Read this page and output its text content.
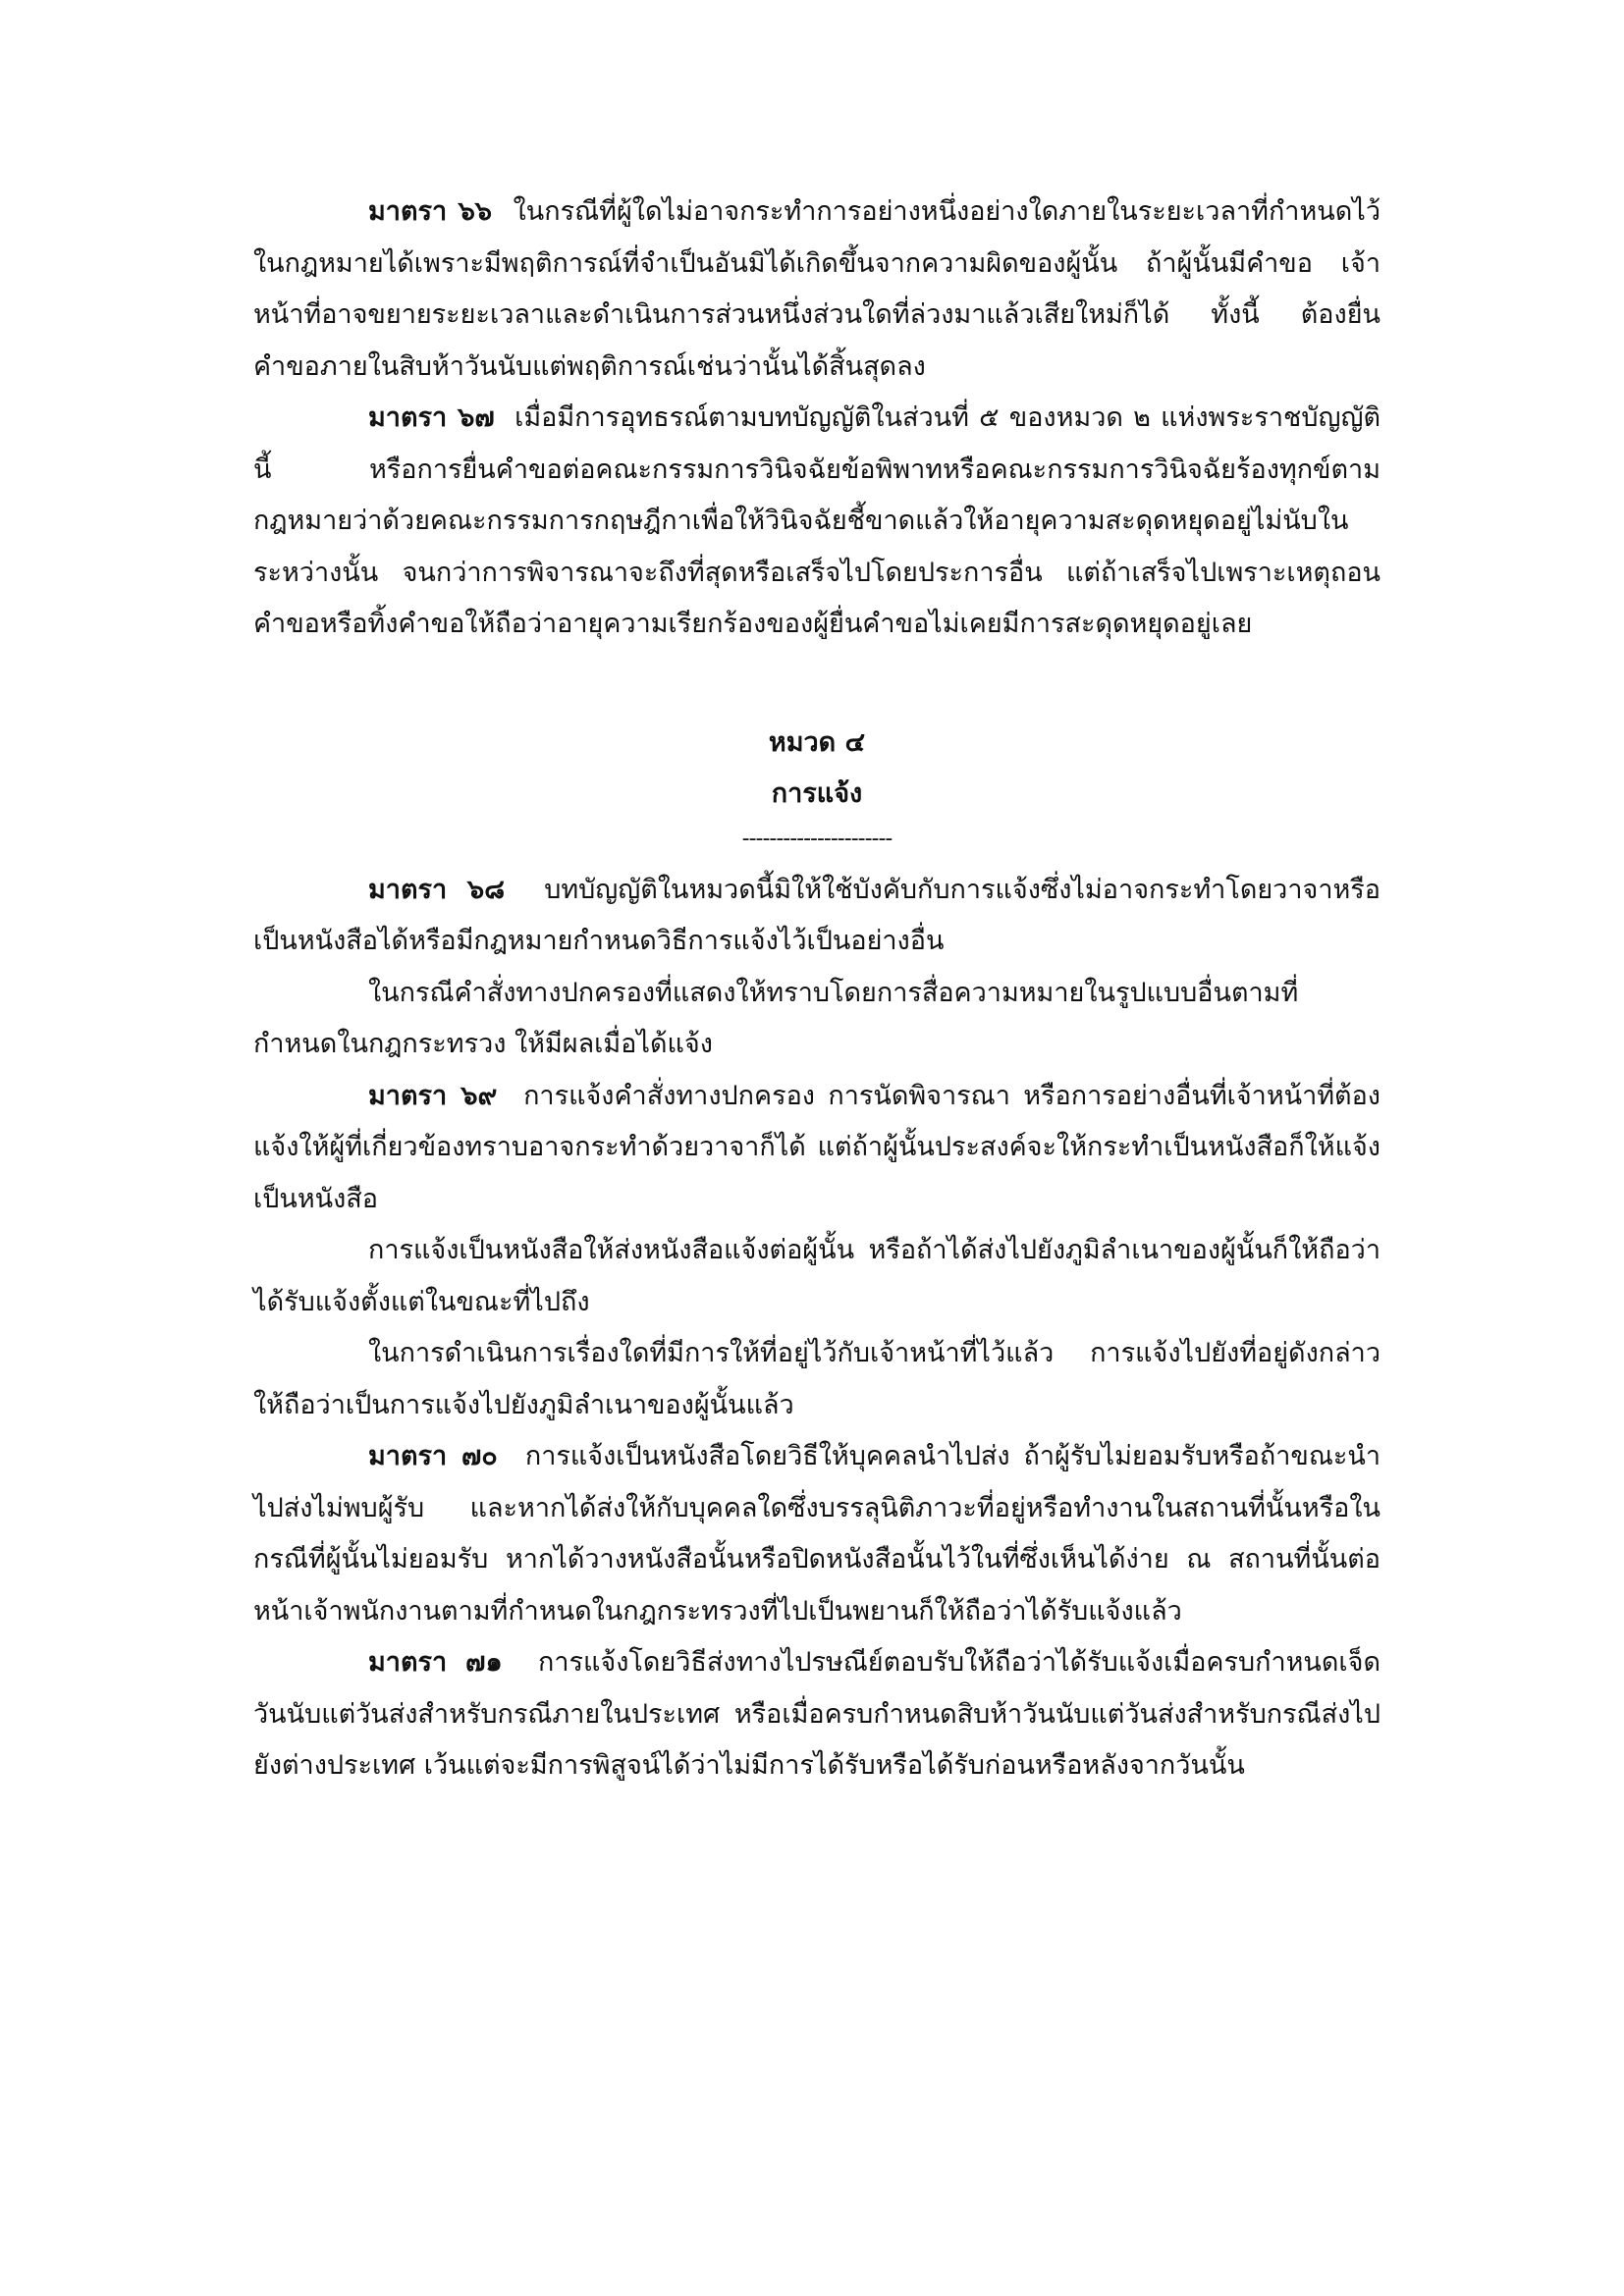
มาตรา ๖๖ ในกรณีที่ผู้ใดไม่อาจกระทำการอย่างหนึ่งอย่างใดภายในระยะเวลาที่กำหนดไว้ในกฎหมายได้เพราะมีพฤติการณ์ที่จำเป็นอันมิได้เกิดขึ้นจากความผิดของผู้นั้น ถ้าผู้นั้นมีคำขอ เจ้าหน้าที่อาจขยายระยะเวลาและดำเนินการส่วนหนึ่งส่วนใดที่ล่วงมาแล้วเสียใหม่ก็ได้ ทั้งนี้ ต้องยื่นคำขอภายในสิบห้าวันนับแต่พฤติการณ์เช่นว่านั้นได้สิ้นสุดลง

มาตรา ๖๗ เมื่อมีการอุทธรณ์ตามบทบัญญัติในส่วนที่ ๕ ของหมวด ๒ แห่งพระราชบัญญัตินี้ หรือการยื่นคำขอต่อคณะกรรมการวินิจฉัยข้อพิพาทหรือคณะกรรมการวินิจฉัยร้องทุกข์ตามกฎหมายว่าด้วยคณะกรรมการกฤษฎีกาเพื่อให้วินิจฉัยชี้ขาดแล้วให้อายุความสะดุดหยุดอยู่ไม่นับในระหว่างนั้น จนกว่าการพิจารณาจะถึงที่สุดหรือเสร็จไปโดยประการอื่น แต่ถ้าเสร็จไปเพราะเหตุถอนคำขอหรือทิ้งคำขอให้ถือว่าอายุความเรียกร้องของผู้ยื่นคำขอไม่เคยมีการสะดุดหยุดอยู่เลย

หมวด ๔

การแจ้ง

----------------------

มาตรา ๖๘ บทบัญญัติในหมวดนี้มิให้ใช้บังคับกับการแจ้งซึ่งไม่อาจกระทำโดยวาจาหรือเป็นหนังสือได้หรือมีกฎหมายกำหนดวิธีการแจ้งไว้เป็นอย่างอื่น

ในกรณีคำสั่งทางปกครองที่แสดงให้ทราบโดยการสื่อความหมายในรูปแบบอื่นตามที่กำหนดในกฎกระทรวง ให้มีผลเมื่อได้แจ้ง

มาตรา ๖๙ การแจ้งคำสั่งทางปกครอง การนัดพิจารณา หรือการอย่างอื่นที่เจ้าหน้าที่ต้องแจ้งให้ผู้ที่เกี่ยวข้องทราบอาจกระทำด้วยวาจาก็ได้ แต่ถ้าผู้นั้นประสงค์จะให้กระทำเป็นหนังสือก็ให้แจ้งเป็นหนังสือ

การแจ้งเป็นหนังสือให้ส่งหนังสือแจ้งต่อผู้นั้น หรือถ้าได้ส่งไปยังภูมิลำเนาของผู้นั้นก็ให้ถือว่าได้รับแจ้งตั้งแต่ในขณะที่ไปถึง

ในการดำเนินการเรื่องใดที่มีการให้ที่อยู่ไว้กับเจ้าหน้าที่ไว้แล้ว การแจ้งไปยังที่อยู่ดังกล่าวให้ถือว่าเป็นการแจ้งไปยังภูมิลำเนาของผู้นั้นแล้ว

มาตรา ๗๐ การแจ้งเป็นหนังสือโดยวิธีให้บุคคลนำไปส่ง ถ้าผู้รับไม่ยอมรับหรือถ้าขณะนำไปส่งไม่พบผู้รับ และหากได้ส่งให้กับบุคคลใดซึ่งบรรลุนิติภาวะที่อยู่หรือทำงานในสถานที่นั้นหรือในกรณีที่ผู้นั้นไม่ยอมรับ หากได้วางหนังสือนั้นหรือปิดหนังสือนั้นไว้ในที่ซึ่งเห็นได้ง่าย ณ สถานที่นั้นต่อหน้าเจ้าพนักงานตามที่กำหนดในกฎกระทรวงที่ไปเป็นพยานก็ให้ถือว่าได้รับแจ้งแล้ว

มาตรา ๗๑ การแจ้งโดยวิธีส่งทางไปรษณีย์ตอบรับให้ถือว่าได้รับแจ้งเมื่อครบกำหนดเจ็ดวันนับแต่วันส่งสำหรับกรณีภายในประเทศ หรือเมื่อครบกำหนดสิบห้าวันนับแต่วันส่งสำหรับกรณีส่งไปยังต่างประเทศ เว้นแต่จะมีการพิสูจน์ได้ว่าไม่มีการได้รับหรือได้รับก่อนหรือหลังจากวันนั้น
